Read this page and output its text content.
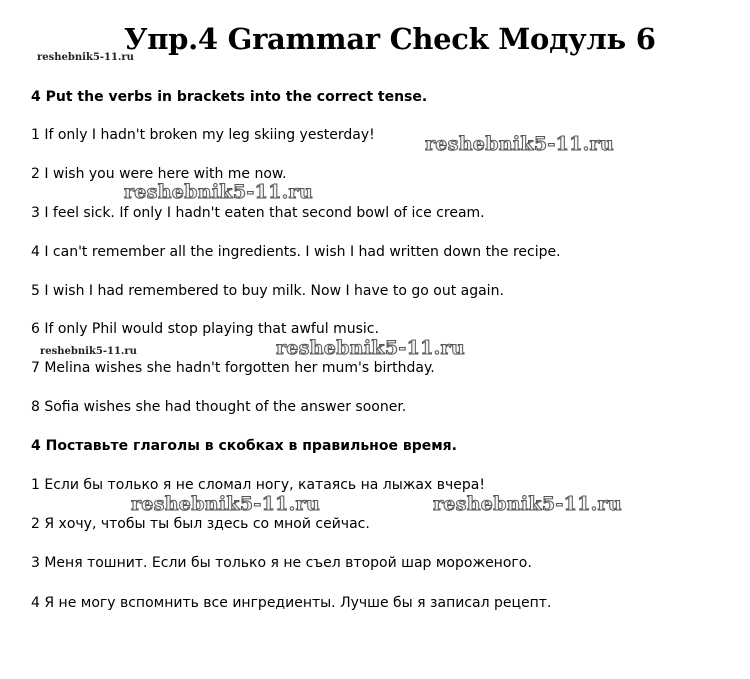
Упр.4 Grammar Check Модуль 6
reshebnik5-11.ru
reshebnik5-11.ru
reshebnik5-11.ru
reshebnik5-11.ru	reshebnik5-11.ru
reshebnik5-11.ru	reshebnik5-11.ru
4 Put the verbs in brackets into the correct tense.
1 If only I hadn't broken my leg skiing yesterday!
2 I wish you were here with me now.
3 I feel sick. If only I hadn't eaten that second bowl of ice cream.
4 I can't remember all the ingredients. I wish I had written down the recipe.
5 I wish I had remembered to buy milk. Now I have to go out again.
6 If only Phil would stop playing that awful music.
7 Melina wishes she hadn't forgotten her mum's birthday.
8 Sofia wishes she had thought of the answer sooner.
4 Поставьте глаголы в скобках в правильное время.
1 Если бы только я не сломал ногу, катаясь на лыжах вчера!
2 Я хочу, чтобы ты был здесь со мной сейчас.
3 Меня тошнит. Если бы только я не съел второй шар мороженого.
4 Я не могу вспомнить все ингредиенты. Лучше бы я записал рецепт.
